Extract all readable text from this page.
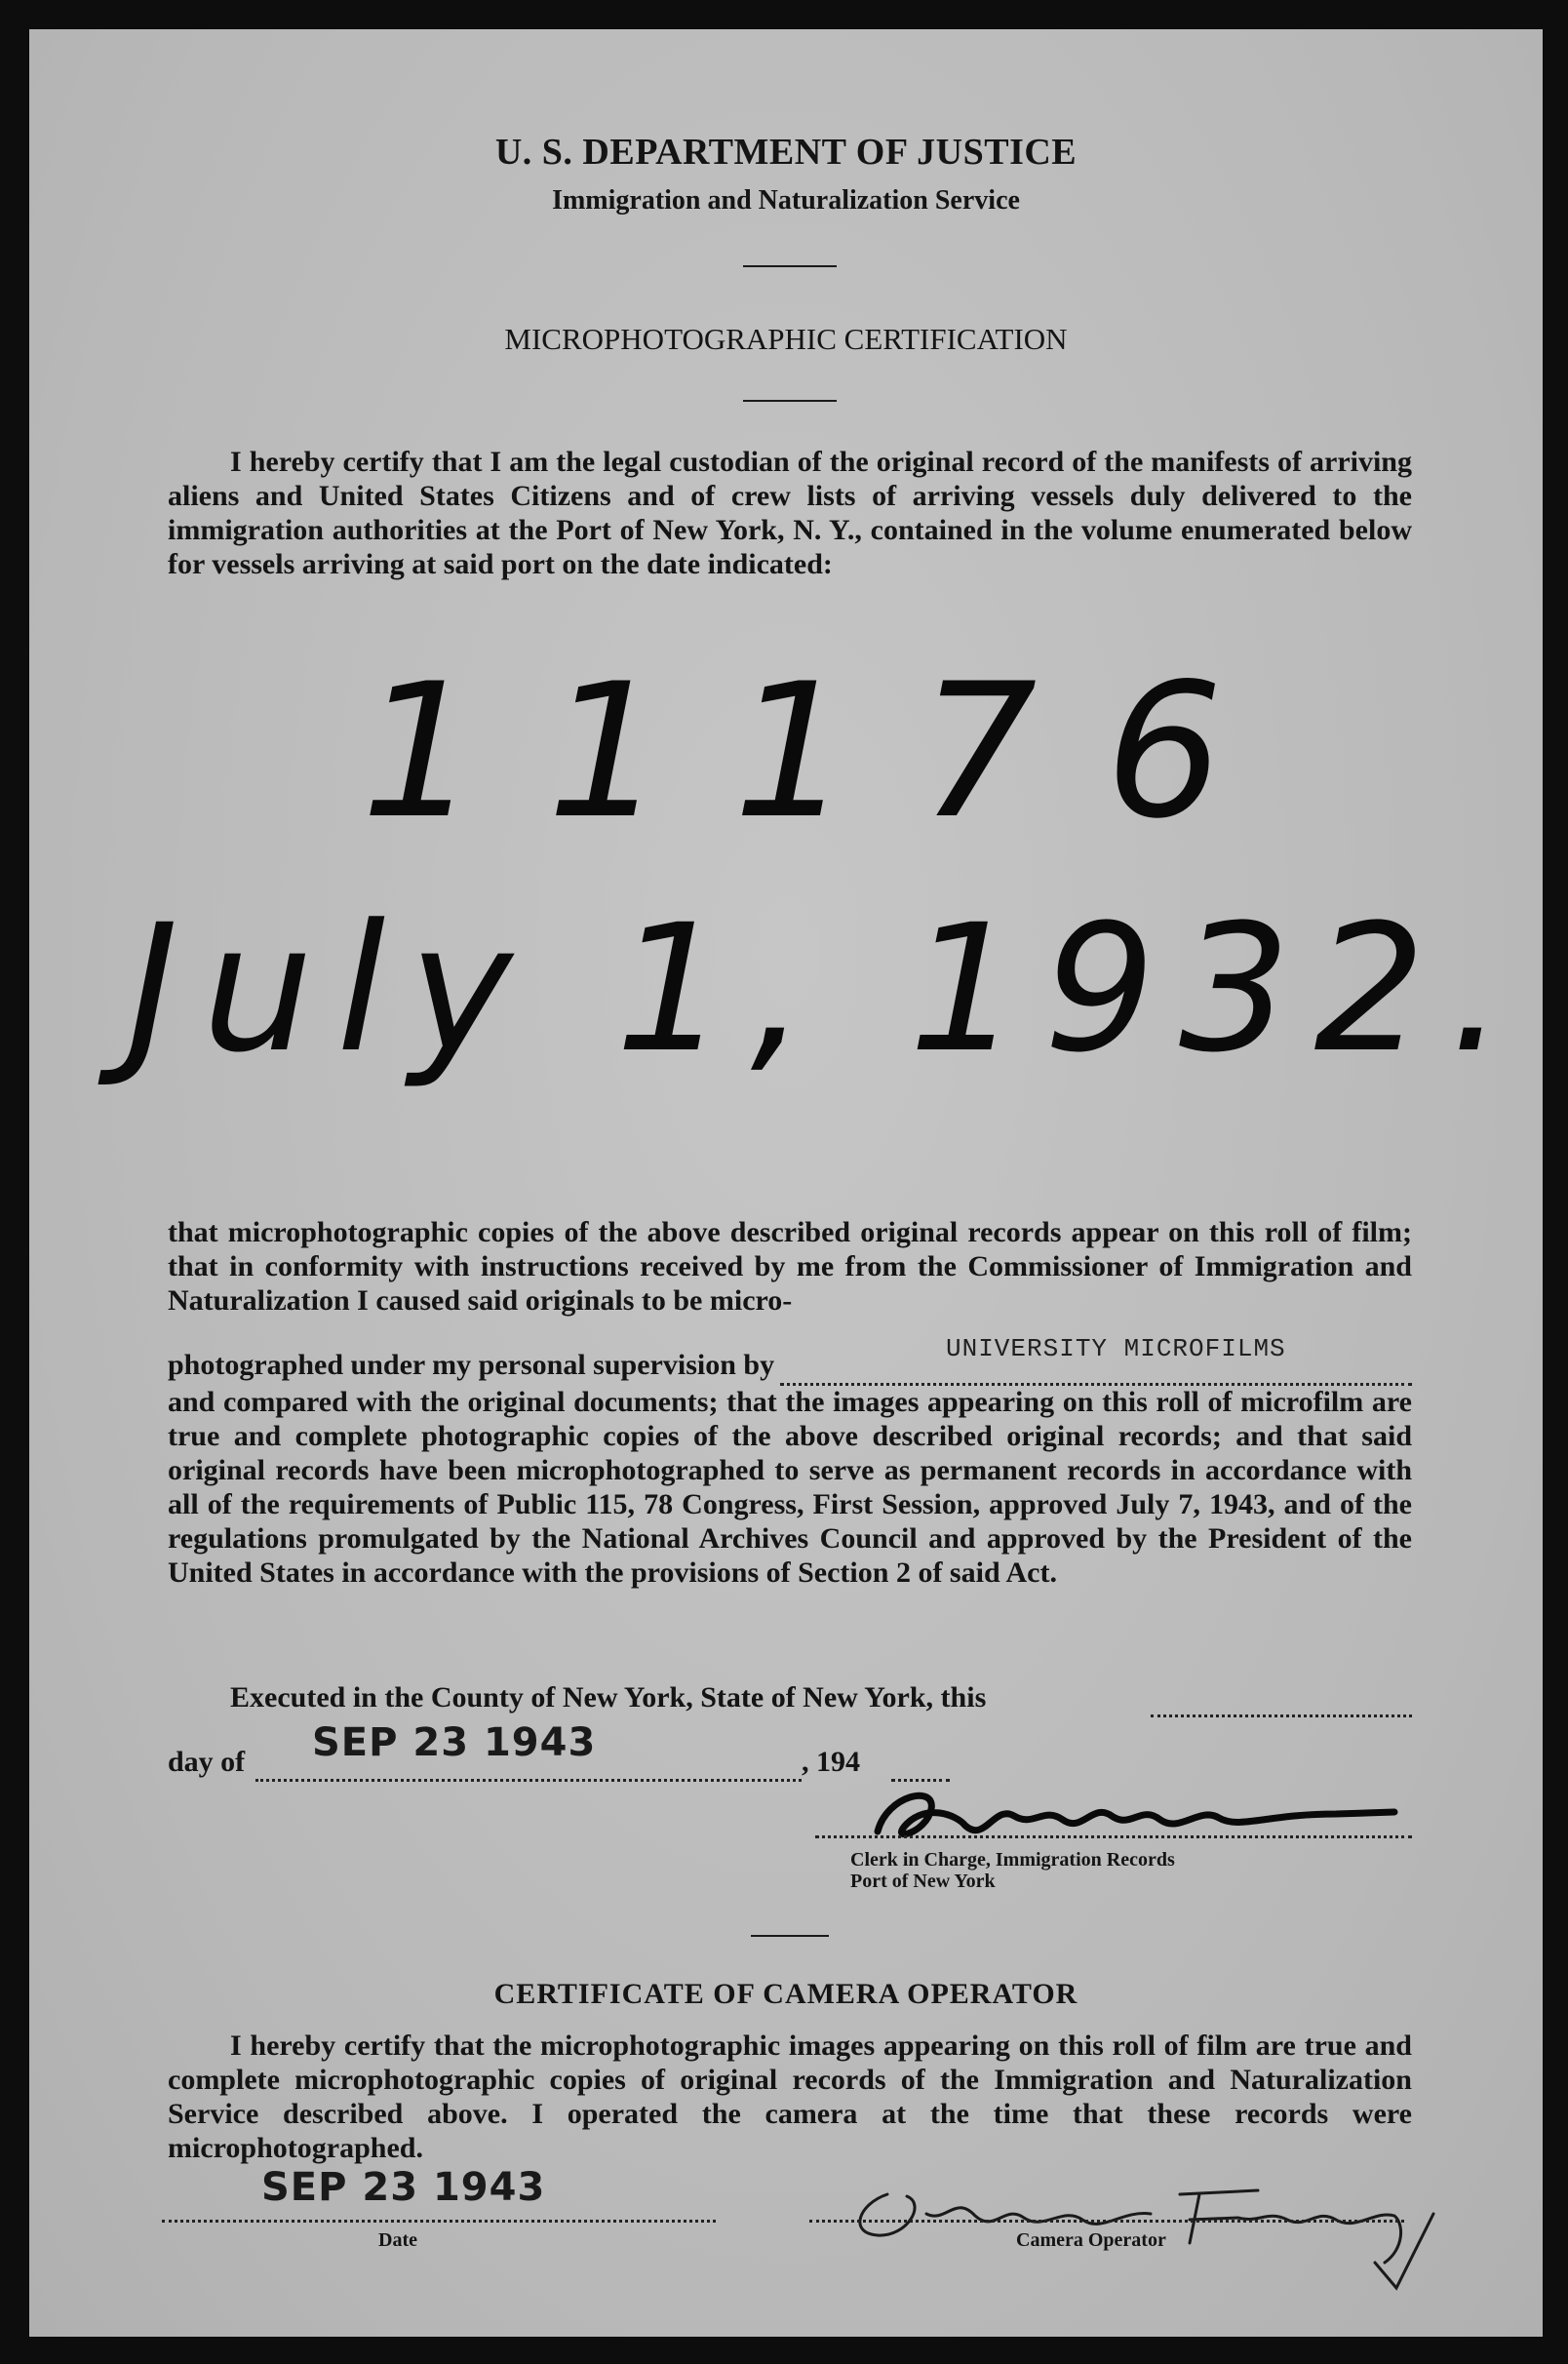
U. S. DEPARTMENT OF JUSTICE
Immigration and Naturalization Service
MICROPHOTOGRAPHIC CERTIFICATION

I hereby certify that I am the legal custodian of the original record of the manifests of arriving aliens and United States Citizens and of crew lists of arriving vessels duly delivered to the immigration authorities at the Port of New York, N. Y., contained in the volume enumerated below for vessels arriving at said port on the date indicated:

11176
July 1, 1932.

that microphotographic copies of the above described original records appear on this roll of film; that in conformity with instructions received by me from the Commissioner of Immigration and Naturalization I caused said originals to be micro-

photographed under my personal supervision by	UNIVERSITY MICROFILMS

and compared with the original documents; that the images appearing on this roll of microfilm are true and complete photographic copies of the above described original records; and that said original records have been microphotographed to serve as permanent records in accordance with all of the requirements of Public 115, 78 Congress, First Session, approved July 7, 1943, and of the regulations promulgated by the National Archives Council and approved by the President of the United States in accordance with the provisions of Section 2 of said Act.

Executed in the County of New York, State of New York, this
day of SEP 23 1943	, 194
Clerk in Charge, Immigration Records
Port of New York
CERTIFICATE OF CAMERA OPERATOR

I hereby certify that the microphotographic images appearing on this roll of film are true and complete microphotographic copies of original records of the Immigration and Naturalization Service described above. I operated the camera at the time that these records were microphotographed.

SEP 23 1943
Date	Camera Operator
